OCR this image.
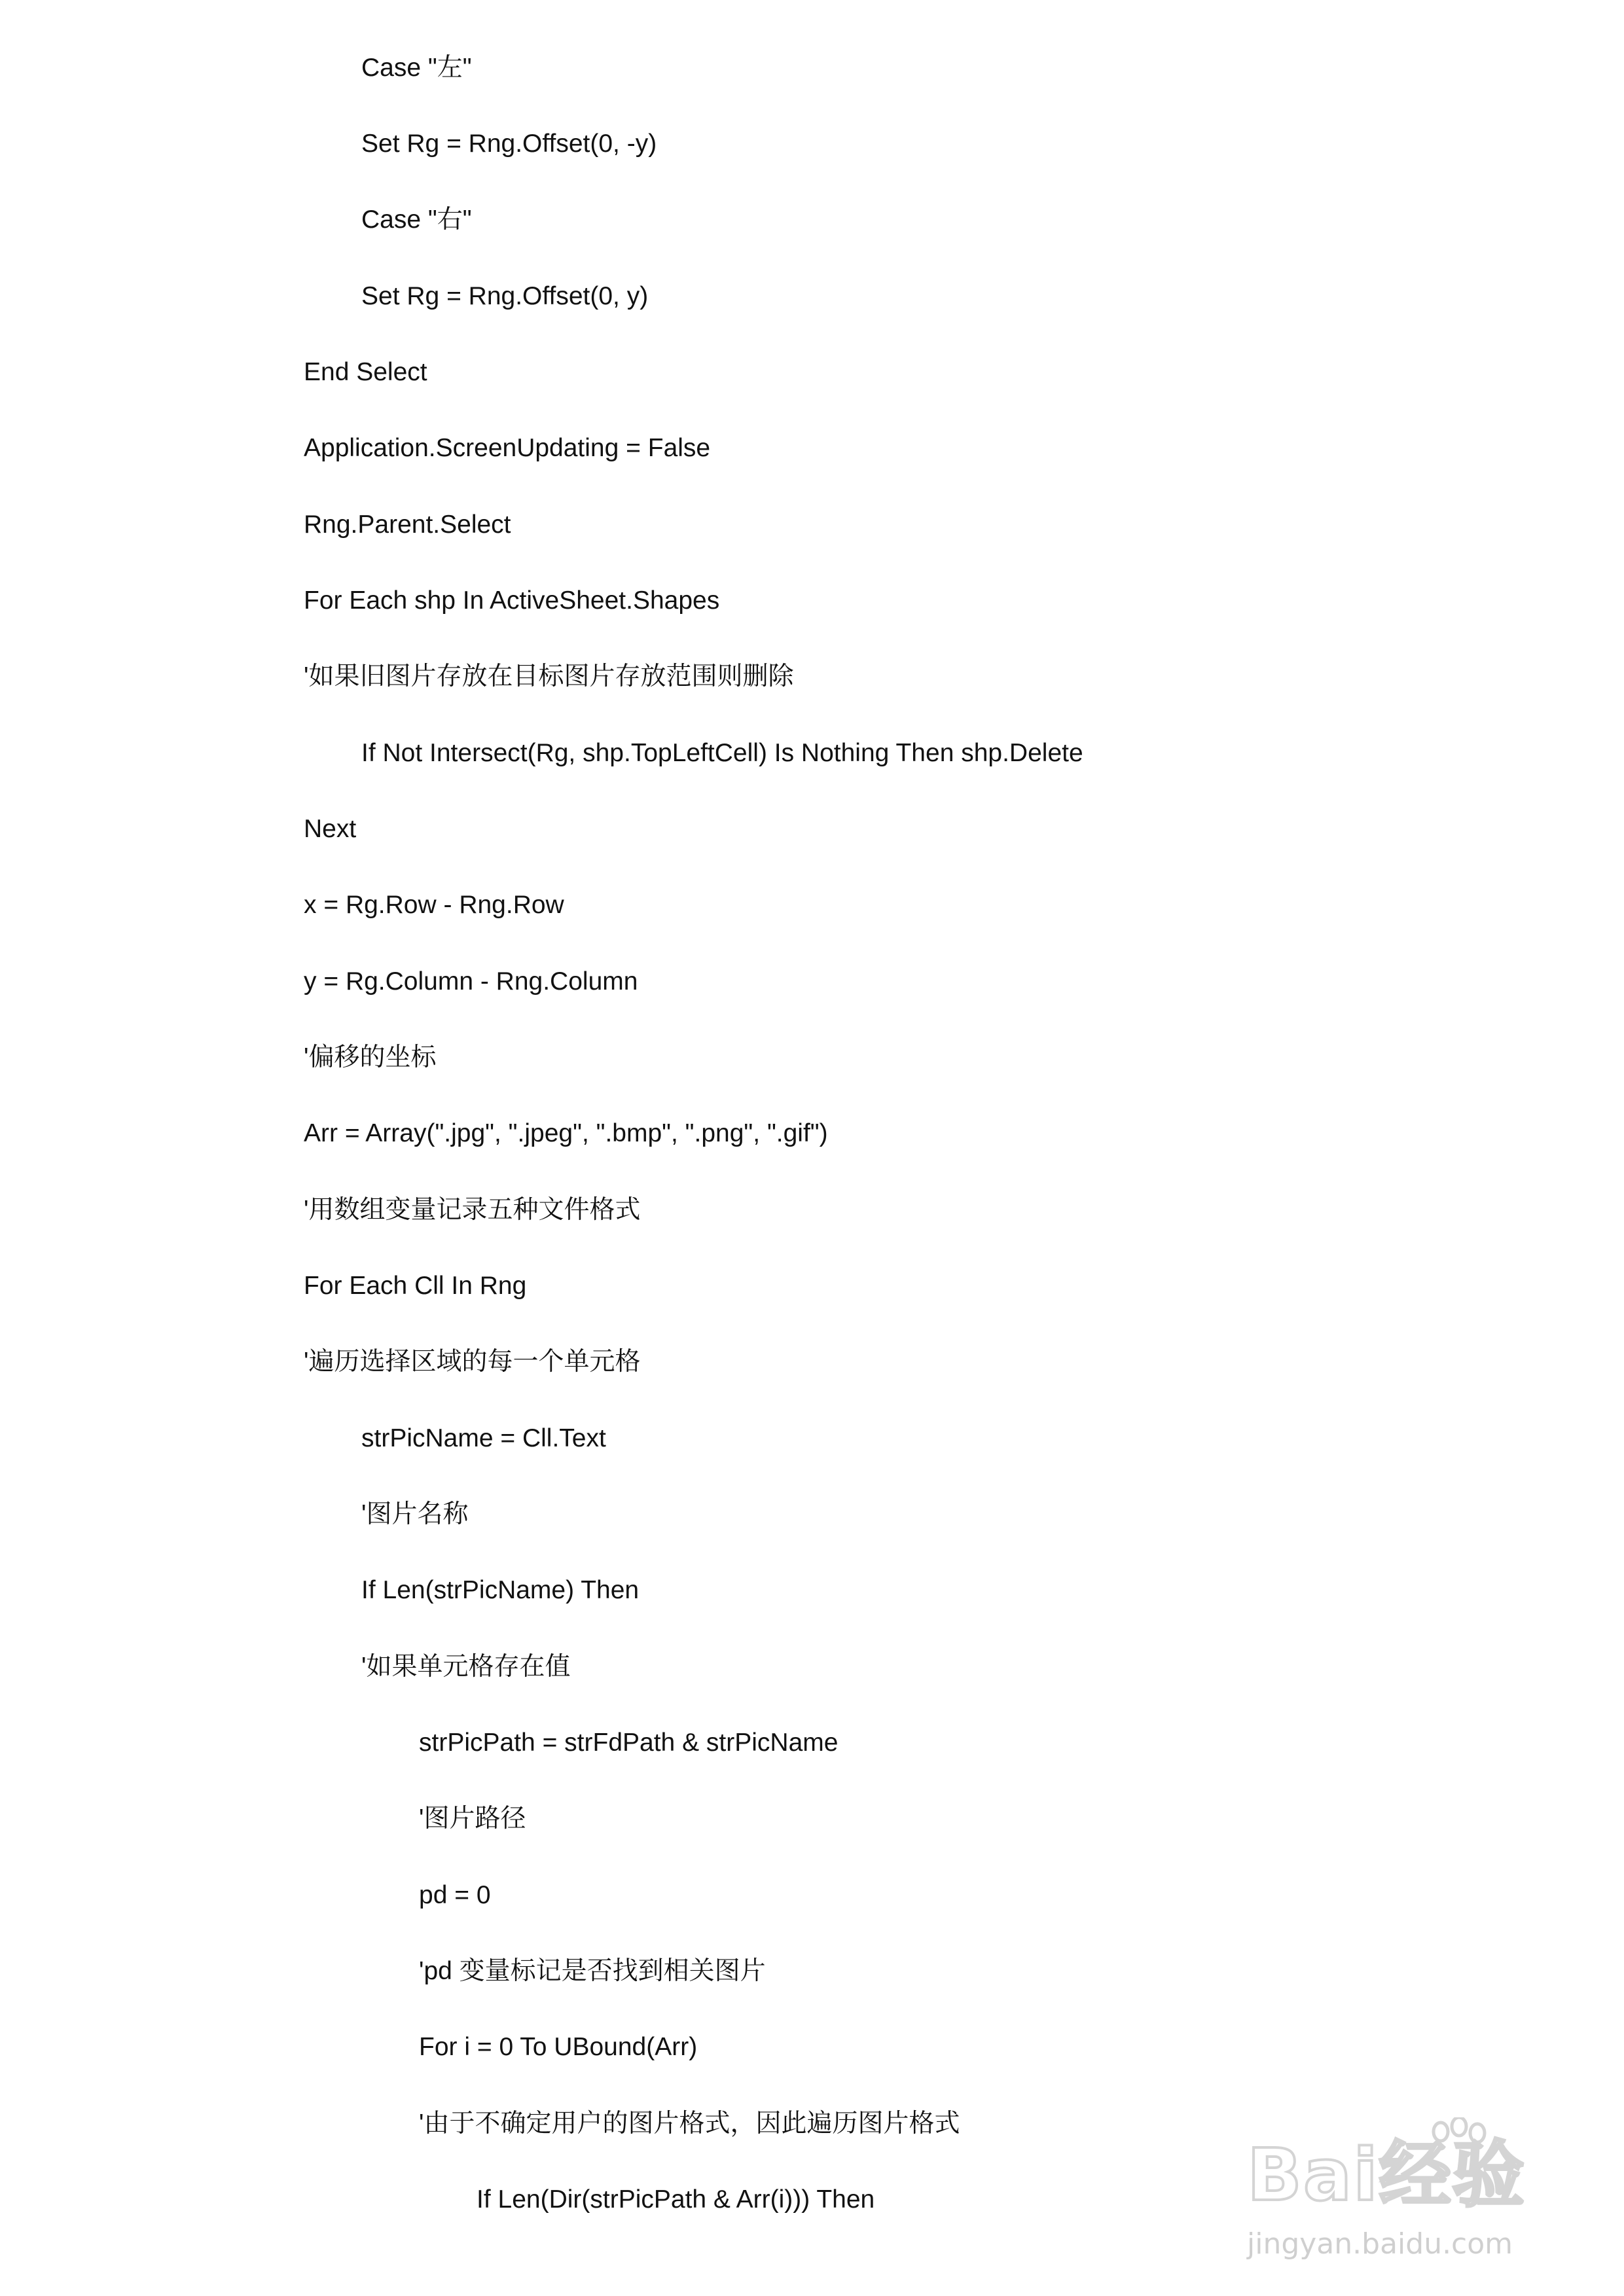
Case "左"
Set Rg = Rng.Offset(0, -y)
Case "右"
Set Rg = Rng.Offset(0, y)
End Select
Application.ScreenUpdating = False
Rng.Parent.Select
For Each shp In ActiveSheet.Shapes
'如果旧图片存放在目标图片存放范围则删除
If Not Intersect(Rg, shp.TopLeftCell) Is Nothing Then shp.Delete
Next
x = Rg.Row - Rng.Row
y = Rg.Column - Rng.Column
'偏移的坐标
Arr = Array(".jpg", ".jpeg", ".bmp", ".png", ".gif")
'用数组变量记录五种文件格式
For Each Cll In Rng
'遍历选择区域的每一个单元格
strPicName = Cll.Text
'图片名称
If Len(strPicName) Then
'如果单元格存在值
strPicPath = strFdPath & strPicName
'图片路径
pd = 0
'pd 变量标记是否找到相关图片
For i = 0 To UBound(Arr)
'由于不确定用户的图片格式，因此遍历图片格式
If Len(Dir(strPicPath & Arr(i))) Then	Bai经验
jingyan.baidu.com
